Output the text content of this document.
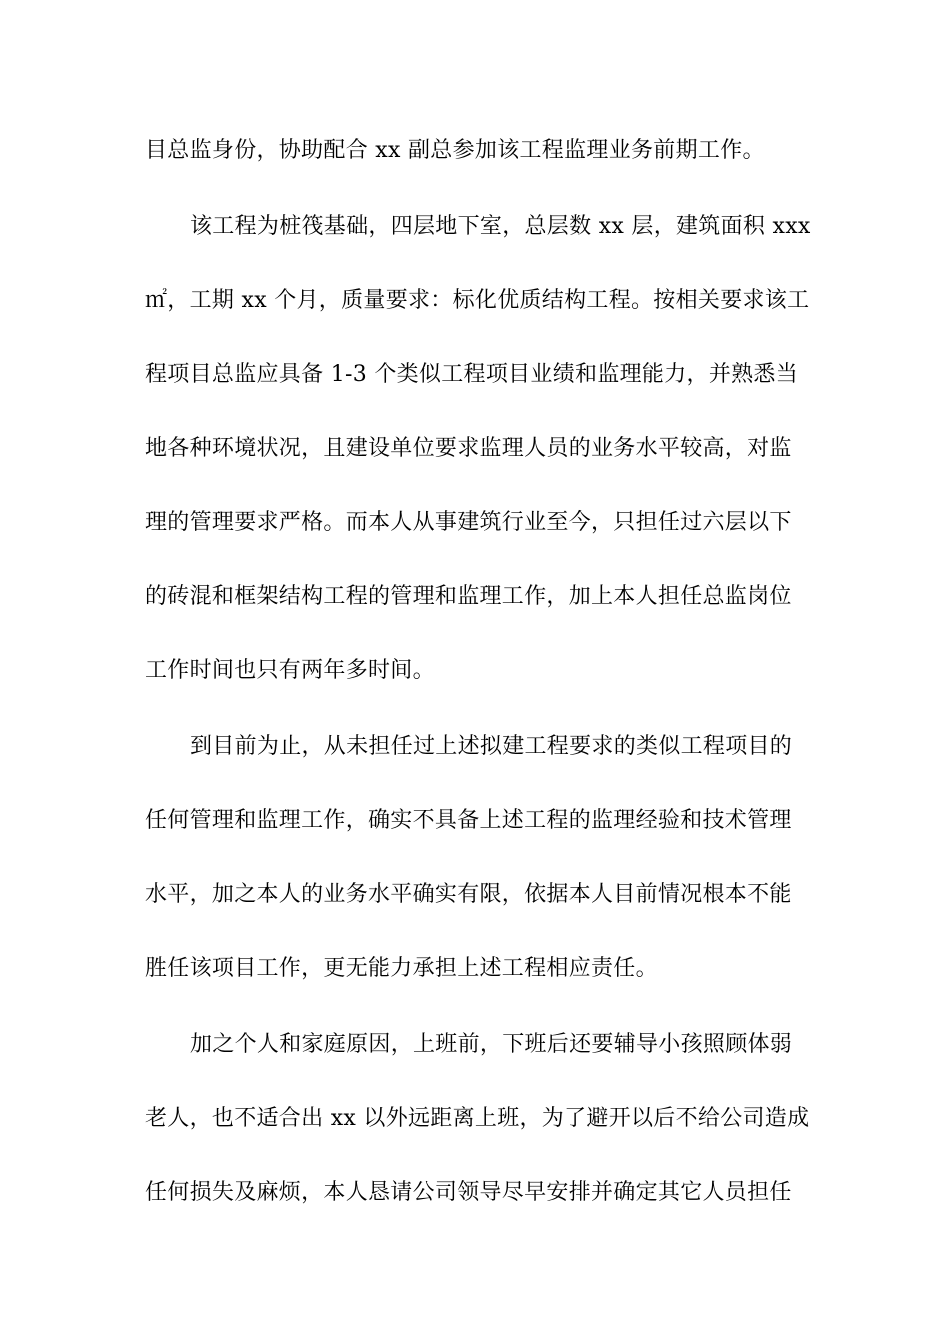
目总监身份，协助配合 xx 副总参加该工程监理业务前期工作。
该工程为桩筏基础，四层地下室，总层数 xx 层，建筑面积 xxx
㎡，工期 xx 个月，质量要求：标化优质结构工程。按相关要求该工
程项目总监应具备 1-3 个类似工程项目业绩和监理能力，并熟悉当
地各种环境状况，且建设单位要求监理人员的业务水平较高，对监
理的管理要求严格。而本人从事建筑行业至今，只担任过六层以下
的砖混和框架结构工程的管理和监理工作，加上本人担任总监岗位
工作时间也只有两年多时间。
到目前为止，从未担任过上述拟建工程要求的类似工程项目的
任何管理和监理工作，确实不具备上述工程的监理经验和技术管理
水平，加之本人的业务水平确实有限，依据本人目前情况根本不能
胜任该项目工作，更无能力承担上述工程相应责任。
加之个人和家庭原因，上班前，下班后还要辅导小孩照顾体弱
老人，也不适合出 xx 以外远距离上班，为了避开以后不给公司造成
任何损失及麻烦，本人恳请公司领导尽早安排并确定其它人员担任
